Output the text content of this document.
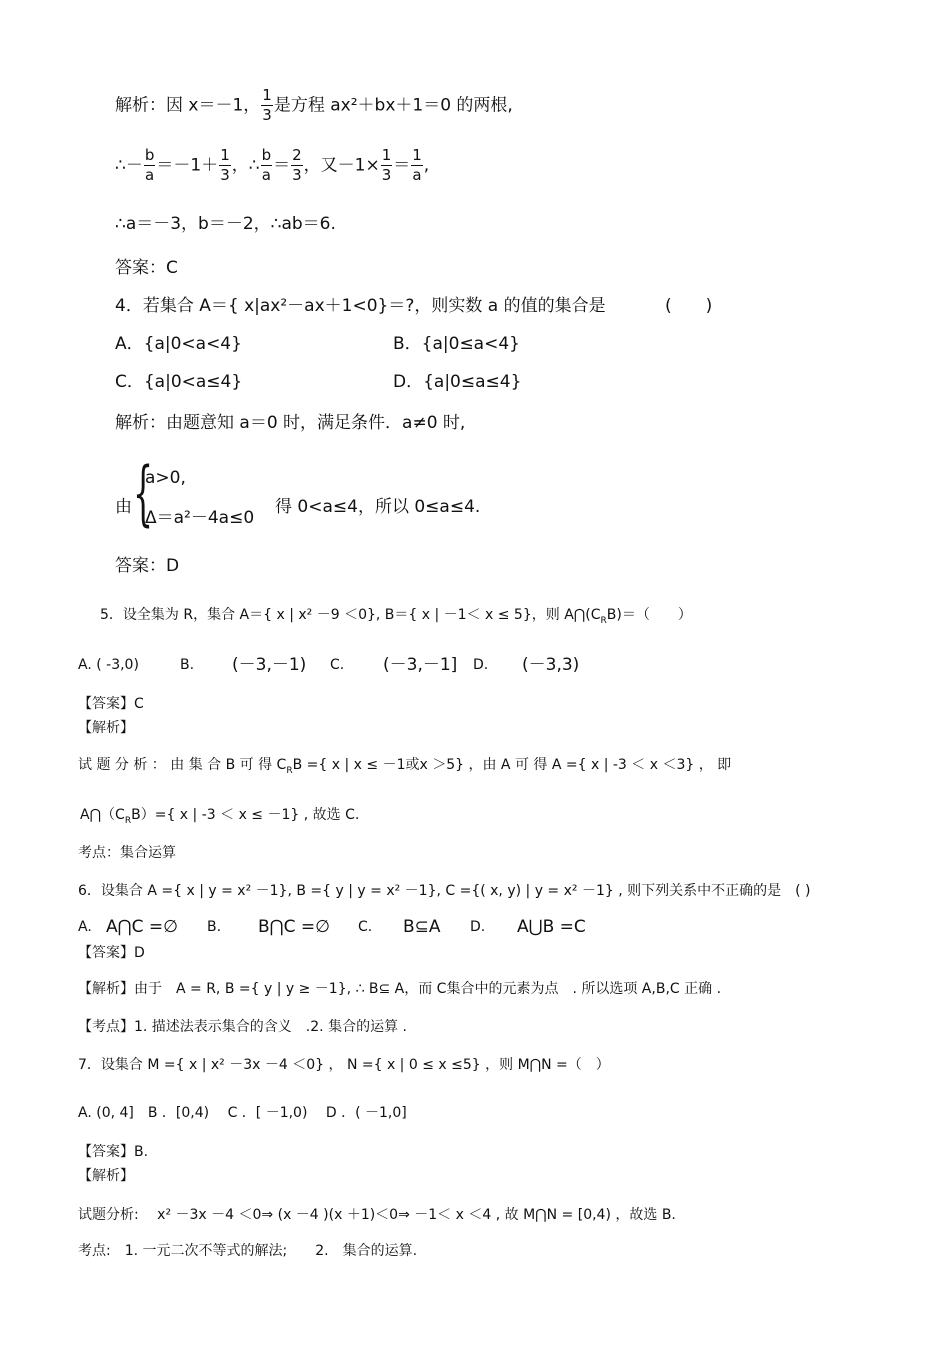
解析：因 x＝－1， $\frac{1}{3}$ 是方程 ax²＋bx＋1＝0 的两根,
∴－ $\frac{b}{a} =-1+ \frac{1}{3}$ ，∴ $\frac{b}{a} = \frac{2}{3}$ ，又$-1\times \frac{1}{3} = \frac{1}{a}$ ,
∴a＝－3，b＝－2，∴ab＝6.
答案：C
4．若集合 A＝{ x|ax²－ax＋1<0}＝?，则实数 a 的值的集合是	(　　)
A．{a|0<a<4}	B．{a|0≤a<4}
C．{a|0<a≤4}	D．{a|0≤a≤4}
解析：由题意知 a＝0 时，满足条件．a≠0 时,
由 {
a>0,
Δ＝a²－4a≤0
得 0<a≤4，所以 0≤a≤4.
答案：D
5．设全集为 R，集合 A＝{ x | x² －9 ＜0}, B＝{ x | －1＜ x ≤ 5}，则 $A⋂(C_RB)=$（　　）
A. ( -3,0)	B. (－3,－1) C. (－3,－1] D. (－3,3)
【答案】C
【解析】
试 题 分 析 ： 由 集 合 B 可 得 $C_RB$ ={ x | x ≤ －1或x ＞5} ，由 A 可 得 A ={ x | -3 ＜ x ＜3} ， 即
$A⋂(C_RB)=${ x | -3 ＜ x ≤ －1} , 故选 C.
考点：集合运算
6．设集合 A ={ x | y = x² －1}, B ={ y | y = x² －1}, C ={( x, y) | y = x² －1} , 则下列关系中不正确的是　( )
A. A⋂C =∅ B. B⋂C =∅ C. B⊆A D. A⋃B =C
【答案】D
【解析】由于　A = R, B ={ y | y ≥ －1}, ∴ B⊆ A，而 C集合中的元素为点　. 所以选项 A,B,C 正确 .
【考点】1. 描述法表示集合的含义　.2. 集合的运算 .
7．设集合 M ={ x | x² －3x －4 ＜0} ， N ={ x | 0 ≤ x ≤5} ，则 M⋂N =（　）
A. (0, 4]　B ．[0,4)　 C ．[ －1,0)　 D ．( －1,0]
【答案】B.
【解析】
试题分析:　 x² －3x －4 ＜0⇒ (x －4 )(x ＋1)＜0⇒ －1＜ x ＜4 , 故 M⋂N = [0,4) ，故选 B.
考点:　1. 一元二次不等式的解法;　　2.　集合的运算.
